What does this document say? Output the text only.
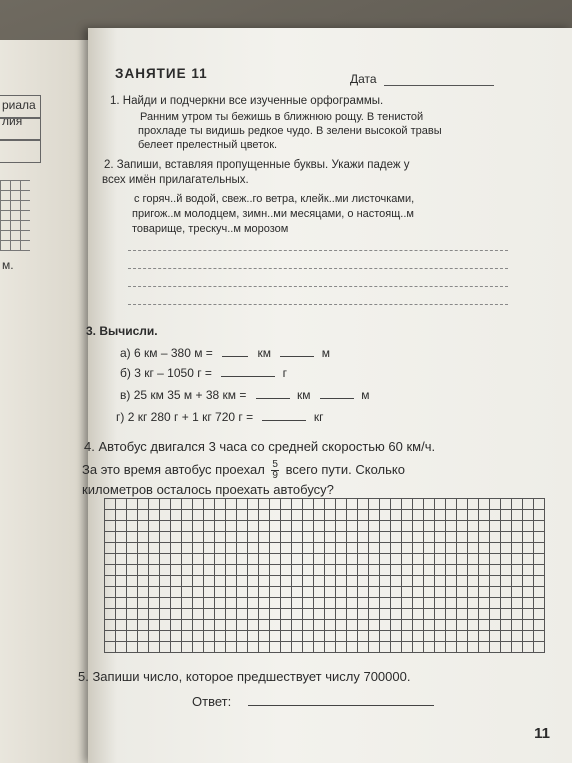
риала
лия
м.
ЗАНЯТИЕ 11	Дата
1. Найди и подчеркни все изученные орфограммы.
Ранним утром ты бежишь в ближнюю рощу. В тенистой
прохладе ты видишь редкое чудо. В зелени высокой травы
белеет прелестный цветок.
2. Запиши, вставляя пропущенные буквы. Укажи падеж у
всех имён прилагательных.
с горяч..й водой, свеж..го ветра, клейк..ми листочками,
пригож..м молодцем, зимн..ми месяцами, о настоящ..м
товарище, трескуч..м морозом
3. Вычисли.
а) 6 км – 380 м =	км	м
б) 3 кг – 1050 г =	г
в) 25 км 35 м + 38 км =	км	м
г) 2 кг 280 г + 1 кг 720 г =	кг
4. Автобус двигался 3 часа со средней скоростью 60 км/ч.
За это время автобус проехал $\frac{5}{9}$ всего пути. Сколько
километров осталось проехать автобусу?
5. Запиши число, которое предшествует числу 700000.
Ответ:
11
